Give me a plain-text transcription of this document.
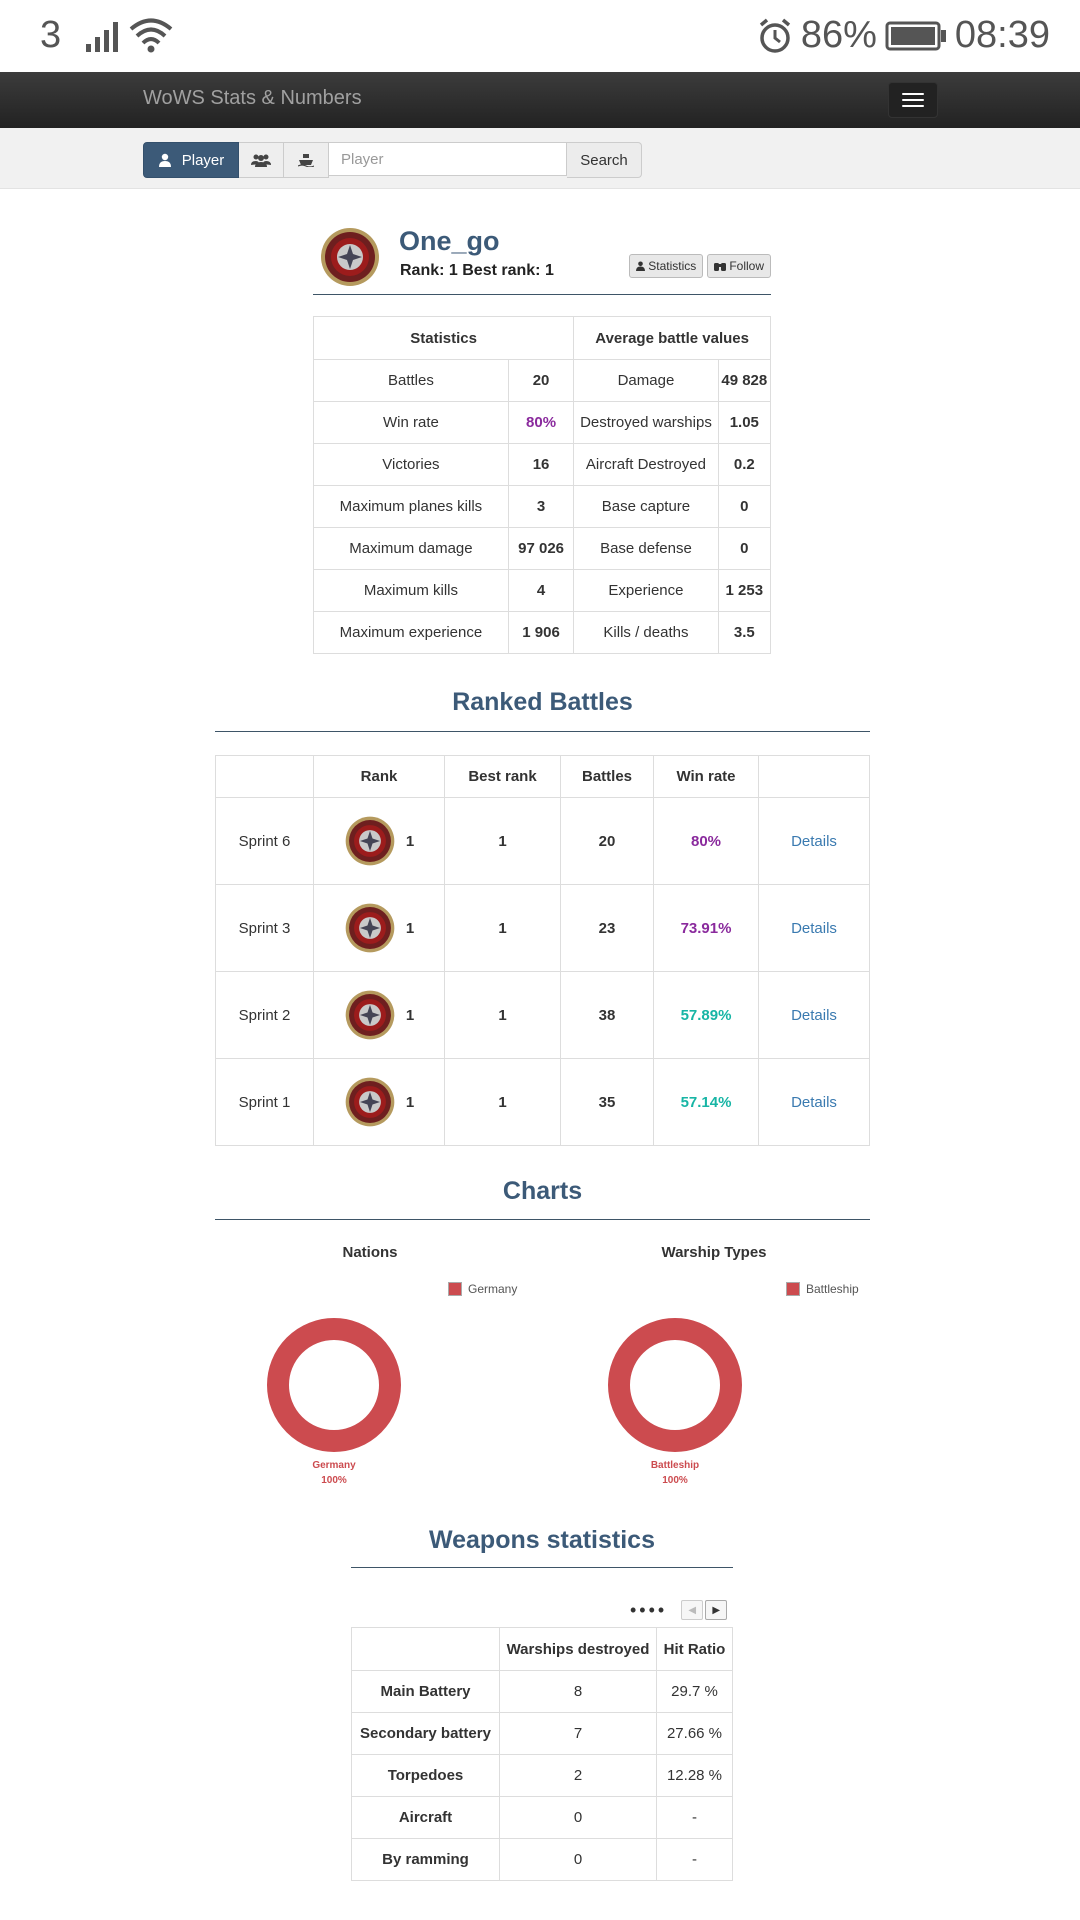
3	86% 08:39
WoWS Stats & Numbers
Player	Player	Search
One_go
Rank: 1 Best rank: 1	Statistics	Follow
Statistics		Average battle values	
Battles	20	Damage	49 828
Win rate	80%	Destroyed warships	1.05
Victories	16	Aircraft Destroyed	0.2
Maximum planes kills	3	Base capture	0
Maximum damage	97 026	Base defense	0
Maximum kills	4	Experience	1 253
Maximum experience	1 906	Kills / deaths	3.5
Ranked Battles
	Rank	Best rank	Battles	Win rate	
Sprint 6	1	1	20	80%	Details
Sprint 3	1	1	23	73.91%	Details
Sprint 2	1	1	38	57.89%	Details
Sprint 1	1	1	35	57.14%	Details
Charts
Nations
Germany
Germany
100%
Warship Types
Battleship
Battleship
100%
Weapons statistics
••••	◀	▶
	Warships destroyed	Hit Ratio
Main Battery	8	29.7 %
Secondary battery	7	27.66 %
Torpedoes	2	12.28 %
Aircraft	0	-
By ramming	0	-
